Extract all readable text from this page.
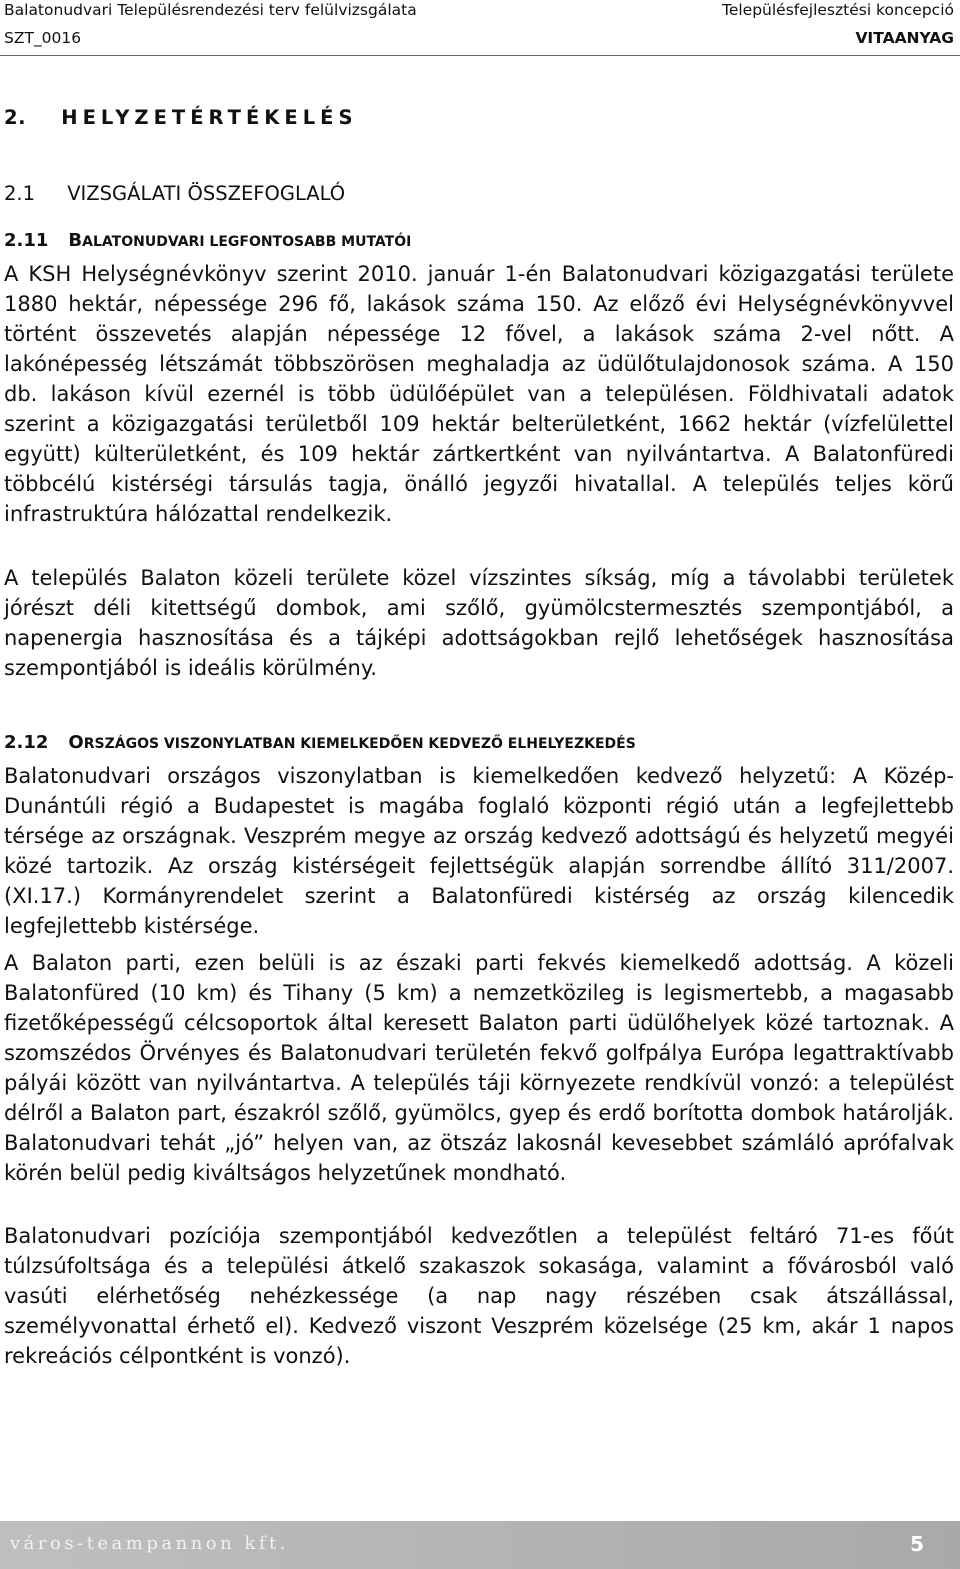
Balatonudvari Településrendezési terv felülvizsgálata	Településfejlesztési koncepció
SZT_0016	VITAANYAG
2. HELYZETÉRTÉKELÉS
2.1 VIZSGÁLATI ÖSSZEFOGLALÓ
2.11 BALATONUDVARI LEGFONTOSABB MUTATÓI
A KSH Helységnévkönyv szerint 2010. január 1-én Balatonudvari közigazgatási területe 1880 hektár, népessége 296 fő, lakások száma 150. Az előző évi Helységnévkönyvvel történt összevetés alapján népessége 12 fővel, a lakások száma 2-vel nőtt. A lakónépesség létszámát többszörösen meghaladja az üdülőtulajdonosok száma. A 150 db. lakáson kívül ezernél is több üdülőépület van a településen. Földhivatali adatok szerint a közigazgatási területből 109 hektár belterületként, 1662 hektár (vízfelülettel együtt) külterületként, és 109 hektár zártkertként van nyilvántartva. A Balatonfüredi többcélú kistérségi társulás tagja, önálló jegyzői hivatallal. A település teljes körű infrastruktúra hálózattal rendelkezik.
A település Balaton közeli területe közel vízszintes síkság, míg a távolabbi területek jórészt déli kitettségű dombok, ami szőlő, gyümölcstermesztés szempontjából, a napenergia hasznosítása és a tájképi adottságokban rejlő lehetőségek hasznosítása szempontjából is ideális körülmény.
2.12 ORSZÁGOS VISZONYLATBAN KIEMELKEDŐEN KEDVEZŐ ELHELYEZKEDÉS
Balatonudvari országos viszonylatban is kiemelkedően kedvező helyzetű: A Közép-Dunántúli régió a Budapestet is magába foglaló központi régió után a legfejlettebb térsége az országnak. Veszprém megye az ország kedvező adottságú és helyzetű megyéi közé tartozik. Az ország kistérségeit fejlettségük alapján sorrendbe állító 311/2007. (XI.17.) Kormányrendelet szerint a Balatonfüredi kistérség az ország kilencedik legfejlettebb kistérsége.
A Balaton parti, ezen belüli is az északi parti fekvés kiemelkedő adottság. A közeli Balatonfüred (10 km) és Tihany (5 km) a nemzetközileg is legismertebb, a magasabb fizetőképességű célcsoportok által keresett Balaton parti üdülőhelyek közé tartoznak. A szomszédos Örvényes és Balatonudvari területén fekvő golfpálya Európa legattraktívabb pályái között van nyilvántartva. A település táji környezete rendkívül vonzó: a települést délről a Balaton part, északról szőlő, gyümölcs, gyep és erdő borította dombok határolják. Balatonudvari tehát „jó” helyen van, az ötszáz lakosnál kevesebbet számláló aprófalvak körén belül pedig kiváltságos helyzetűnek mondható.
Balatonudvari pozíciója szempontjából kedvezőtlen a települést feltáró 71-es főút túlzsúfoltsága és a települési átkelő szakaszok sokasága, valamint a fővárosból való vasúti elérhetőség nehézkessége (a nap nagy részében csak átszállással, személyvonattal érhető el). Kedvező viszont Veszprém közelsége (25 km, akár 1 napos rekreációs célpontként is vonzó).
város-teampannon kft.	5
